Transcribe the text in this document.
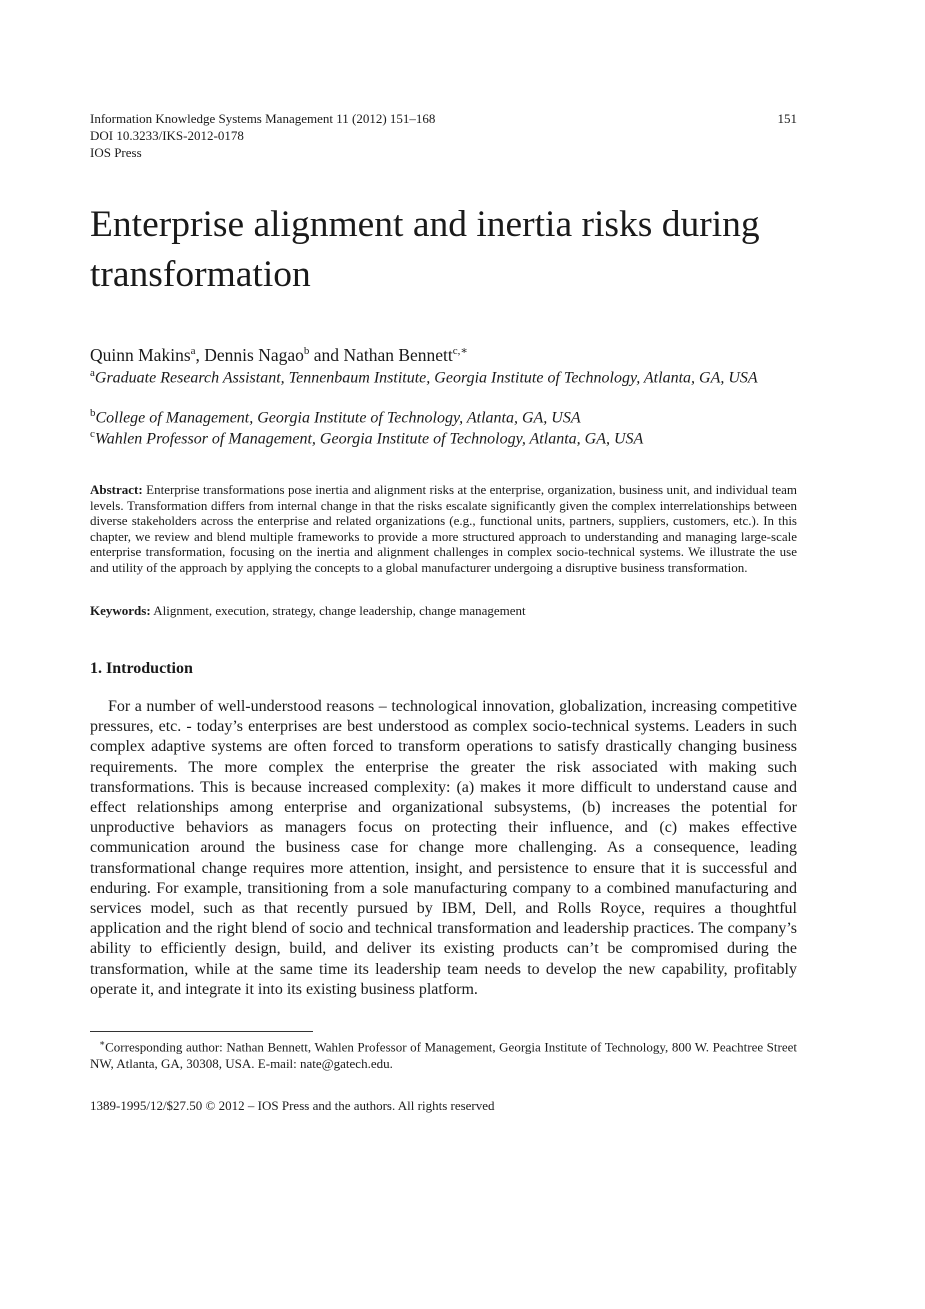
Information Knowledge Systems Management 11 (2012) 151–168
DOI 10.3233/IKS-2012-0178
IOS Press
151
Enterprise alignment and inertia risks during transformation
Quinn Makins$^a$, Dennis Nagao$^b$ and Nathan Bennett$^{c,∗}$
$^a$Graduate Research Assistant, Tennenbaum Institute, Georgia Institute of Technology, Atlanta, GA, USA
$^b$College of Management, Georgia Institute of Technology, Atlanta, GA, USA
$^c$Wahlen Professor of Management, Georgia Institute of Technology, Atlanta, GA, USA

Abstract: Enterprise transformations pose inertia and alignment risks at the enterprise, organization, business unit, and individual team levels. Transformation differs from internal change in that the risks escalate significantly given the complex interrelationships between diverse stakeholders across the enterprise and related organizations (e.g., functional units, partners, suppliers, customers, etc.). In this chapter, we review and blend multiple frameworks to provide a more structured approach to understanding and managing large-scale enterprise transformation, focusing on the inertia and alignment challenges in complex socio-technical systems. We illustrate the use and utility of the approach by applying the concepts to a global manufacturer undergoing a disruptive business transformation.

Keywords: Alignment, execution, strategy, change leadership, change management

1. Introduction

For a number of well-understood reasons – technological innovation, globalization, increasing competitive pressures, etc. - today’s enterprises are best understood as complex socio-technical systems. Leaders in such complex adaptive systems are often forced to transform operations to satisfy drastically changing business requirements. The more complex the enterprise the greater the risk associated with making such transformations. This is because increased complexity: (a) makes it more difficult to understand cause and effect relationships among enterprise and organizational subsystems, (b) increases the potential for unproductive behaviors as managers focus on protecting their influence, and (c) makes effective communication around the business case for change more challenging. As a consequence, leading transformational change requires more attention, insight, and persistence to ensure that it is successful and enduring. For example, transitioning from a sole manufacturing company to a combined manufacturing and services model, such as that recently pursued by IBM, Dell, and Rolls Royce, requires a thoughtful application and the right blend of socio and technical transformation and leadership practices. The company’s ability to efficiently design, build, and deliver its existing products can’t be compromised during the transformation, while at the same time its leadership team needs to develop the new capability, profitably operate it, and integrate it into its existing business platform.

∗Corresponding author: Nathan Bennett, Wahlen Professor of Management, Georgia Institute of Technology, 800 W. Peachtree Street NW, Atlanta, GA, 30308, USA. E-mail: nate@gatech.edu.

1389-1995/12/$27.50 © 2012 – IOS Press and the authors. All rights reserved
